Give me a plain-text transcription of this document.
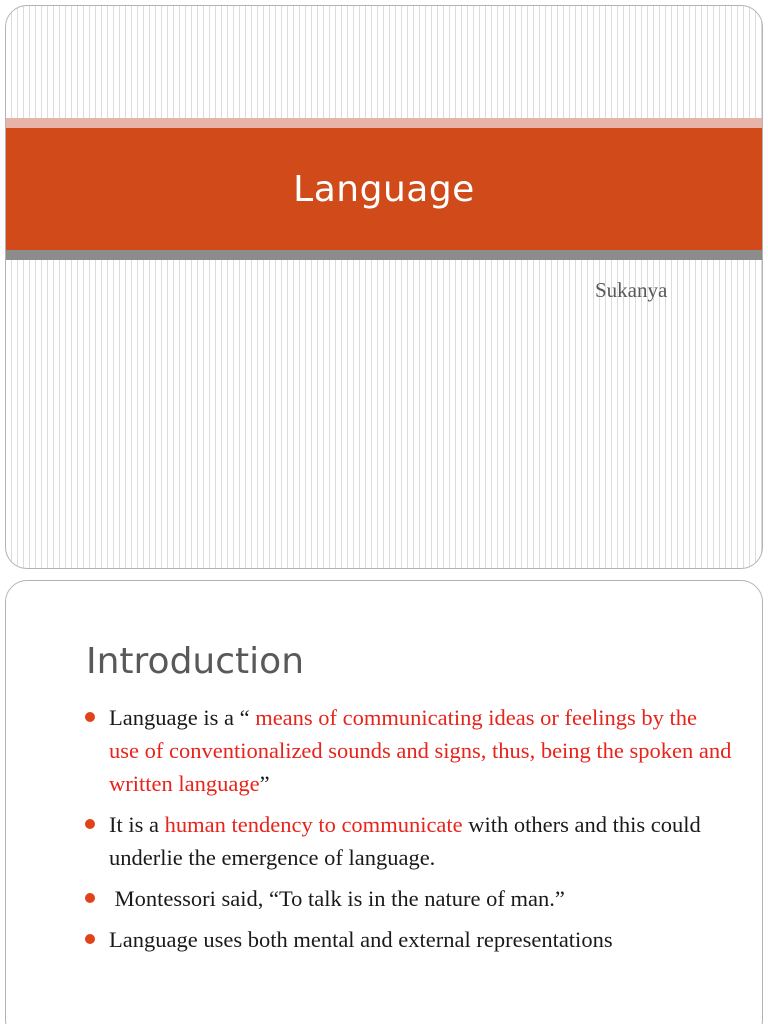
Language
Sukanya
Introduction
Language is a “ means of communicating ideas or feelings by the use of conventionalized sounds and signs, thus, being the spoken and written language”
It is a human tendency to communicate with others and this could underlie the emergence of language.
Montessori said, “To talk is in the nature of man.”
Language uses both mental and external representations
